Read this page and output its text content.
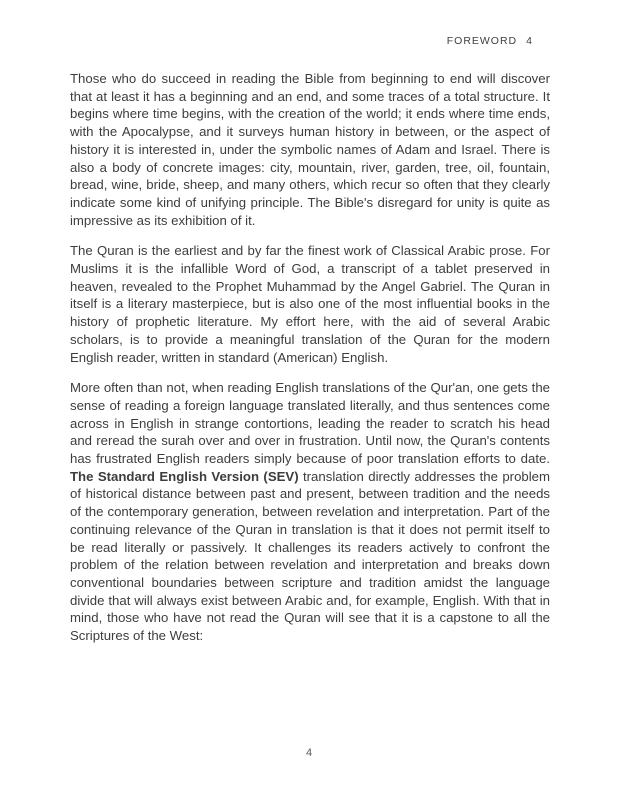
FOREWORD 4

Those who do succeed in reading the Bible from beginning to end will discover that at least it has a beginning and an end, and some traces of a total structure. It begins where time begins, with the creation of the world; it ends where time ends, with the Apocalypse, and it surveys human history in between, or the aspect of history it is interested in, under the symbolic names of Adam and Israel. There is also a body of concrete images: city, mountain, river, garden, tree, oil, fountain, bread, wine, bride, sheep, and many others, which recur so often that they clearly indicate some kind of unifying principle. The Bible's disregard for unity is quite as impressive as its exhibition of it.

The Quran is the earliest and by far the finest work of Classical Arabic prose. For Muslims it is the infallible Word of God, a transcript of a tablet preserved in heaven, revealed to the Prophet Muhammad by the Angel Gabriel. The Quran in itself is a literary masterpiece, but is also one of the most influential books in the history of prophetic literature. My effort here, with the aid of several Arabic scholars, is to provide a meaningful translation of the Quran for the modern English reader, written in standard (American) English.

More often than not, when reading English translations of the Qur'an, one gets the sense of reading a foreign language translated literally, and thus sentences come across in English in strange contortions, leading the reader to scratch his head and reread the surah over and over in frustration. Until now, the Quran's contents has frustrated English readers simply because of poor translation efforts to date. The Standard English Version (SEV) translation directly addresses the problem of historical distance between past and present, between tradition and the needs of the contemporary generation, between revelation and interpretation. Part of the continuing relevance of the Quran in translation is that it does not permit itself to be read literally or passively. It challenges its readers actively to confront the problem of the relation between revelation and interpretation and breaks down conventional boundaries between scripture and tradition amidst the language divide that will always exist between Arabic and, for example, English. With that in mind, those who have not read the Quran will see that it is a capstone to all the Scriptures of the West:

4
